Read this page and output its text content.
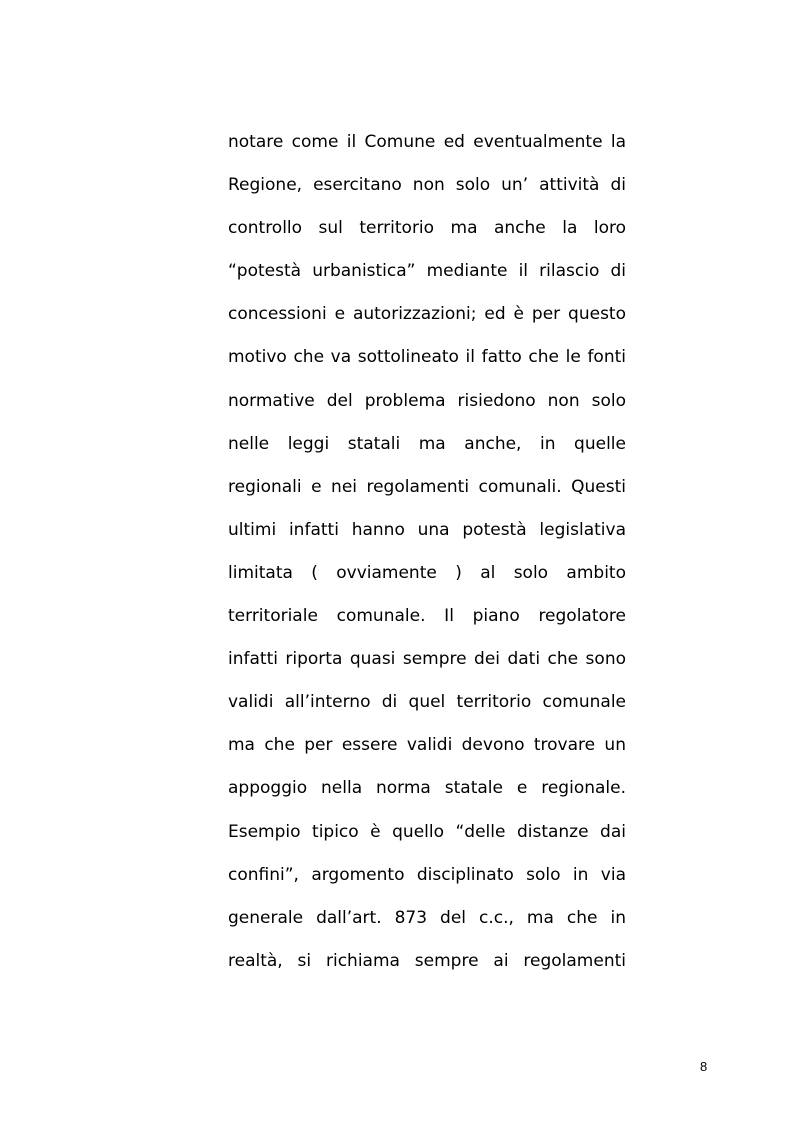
notare come il Comune ed eventualmente la
Regione, esercitano non solo un’ attività di
controllo sul territorio ma anche la loro
“potestà urbanistica” mediante il rilascio di
concessioni e autorizzazioni; ed è per questo
motivo che va sottolineato il fatto che le fonti
normative del problema risiedono non solo
nelle leggi statali ma anche, in quelle
regionali e nei regolamenti comunali. Questi
ultimi infatti hanno una potestà legislativa
limitata ( ovviamente ) al solo ambito
territoriale comunale. Il piano regolatore
infatti riporta quasi sempre dei dati che sono
validi all’interno di quel territorio comunale
ma che per essere validi devono trovare un
appoggio nella norma statale e regionale.
Esempio tipico è quello “delle distanze dai
confini”, argomento disciplinato solo in via
generale dall’art. 873 del c.c., ma che in
realtà, si richiama sempre ai regolamenti
8
